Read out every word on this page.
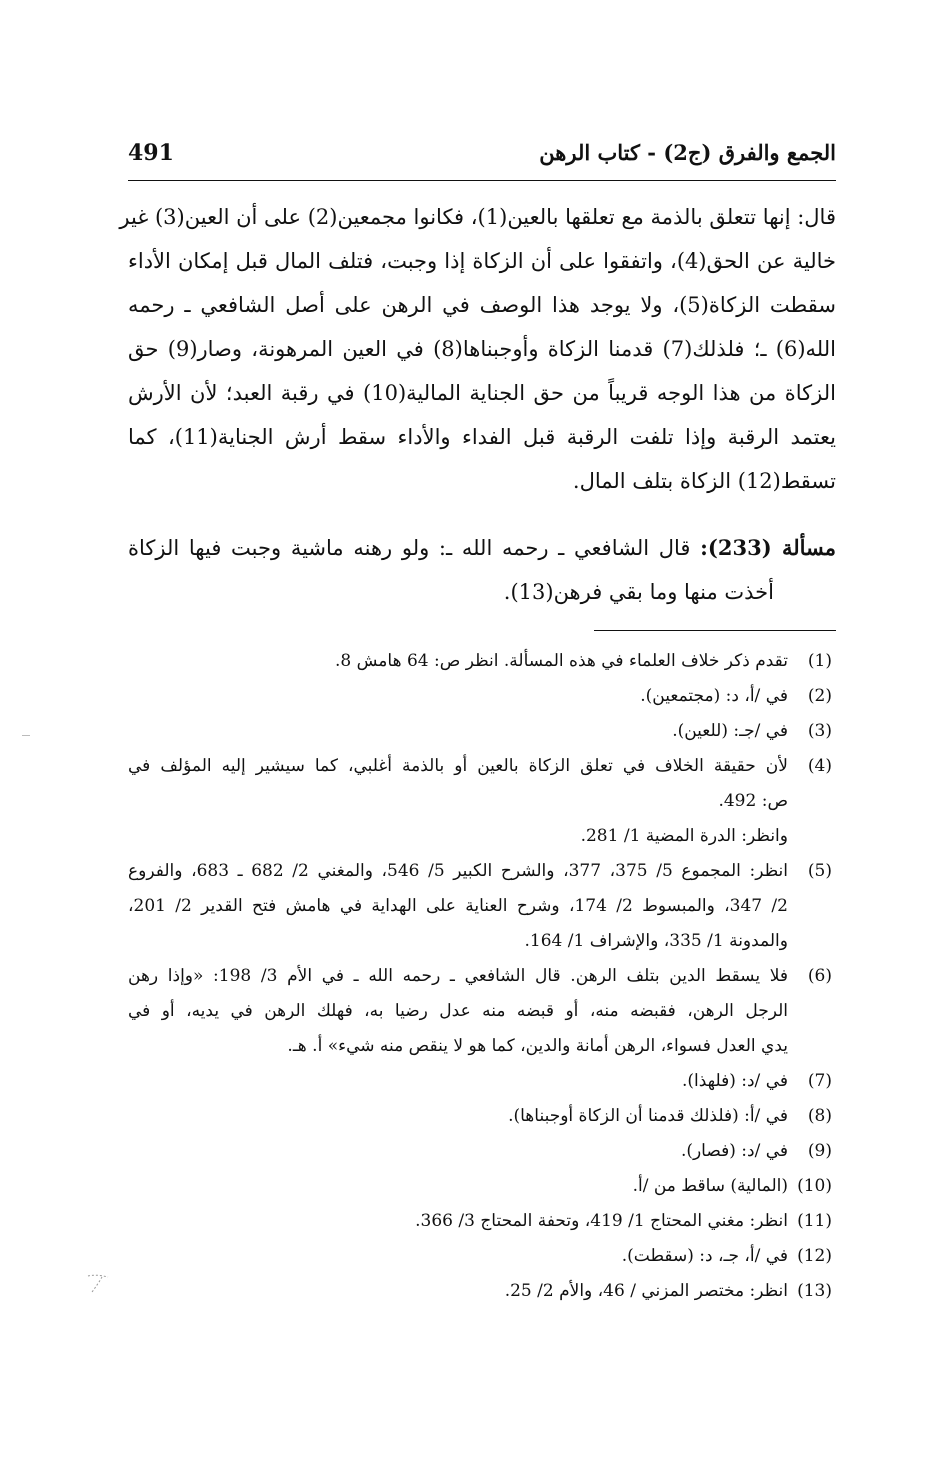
491	الجمع والفرق (ج2) - كتاب الرهن
قال: إنها تتعلق بالذمة مع تعلقها بالعين(1)، فكانوا مجمعين(2) على أن العين(3) غير
خالية عن الحق(4)، واتفقوا على أن الزكاة إذا وجبت، فتلف المال قبل إمكان الأداء
سقطت الزكاة(5)، ولا يوجد هذا الوصف في الرهن على أصل الشافعي ـ رحمه
الله(6) ـ؛ فلذلك(7) قدمنا الزكاة وأوجبناها(8) في العين المرهونة، وصار(9) حق
الزكاة من هذا الوجه قريباً من حق الجناية المالية(10) في رقبة العبد؛ لأن الأرش
يعتمد الرقبة وإذا تلفت الرقبة قبل الفداء والأداء سقط أرش الجناية(11)، كما
تسقط(12) الزكاة بتلف المال.
مسألة (233): قال الشافعي ـ رحمه الله ـ: ولو رهنه ماشية وجبت فيها الزكاة
أخذت منها وما بقي فرهن(13).
(1)
تقدم ذكر خلاف العلماء في هذه المسألة. انظر ص: 64 هامش 8.
(2)
في /أ، د: (مجتمعين).
(3)
في /جـ: (للعين).
(4)
لأن حقيقة الخلاف في تعلق الزكاة بالعين أو بالذمة أغلبي، كما سيشير إليه المؤلف في
ص: 492.
وانظر: الدرة المضية 1/ 281.
(5)
انظر: المجموع 5/ 375، 377، والشرح الكبير 5/ 546، والمغني 2/ 682 ـ 683، والفروع
2/ 347، والمبسوط 2/ 174، وشرح العناية على الهداية في هامش فتح القدير 2/ 201،
والمدونة 1/ 335، والإشراف 1/ 164.
(6)
فلا يسقط الدين بتلف الرهن. قال الشافعي ـ رحمه الله ـ في الأم 3/ 198: «وإذا رهن
الرجل الرهن، فقبضه منه، أو قبضه منه عدل رضيا به، فهلك الرهن في يديه، أو في
يدي العدل فسواء، الرهن أمانة والدين، كما هو لا ينقص منه شيء» أ. هـ.
(7)
في /د: (فلهذا).
(8)
في /أ: (فلذلك قدمنا أن الزكاة أوجبناها).
(9)
في /د: (فصار).
(10)
(المالية) ساقط من /أ.
(11)
انظر: مغني المحتاج 1/ 419، وتحفة المحتاج 3/ 366.
(12)
في /أ، جـ، د: (سقطت).
(13)
انظر: مختصر المزني / 46، والأم 2/ 25.
